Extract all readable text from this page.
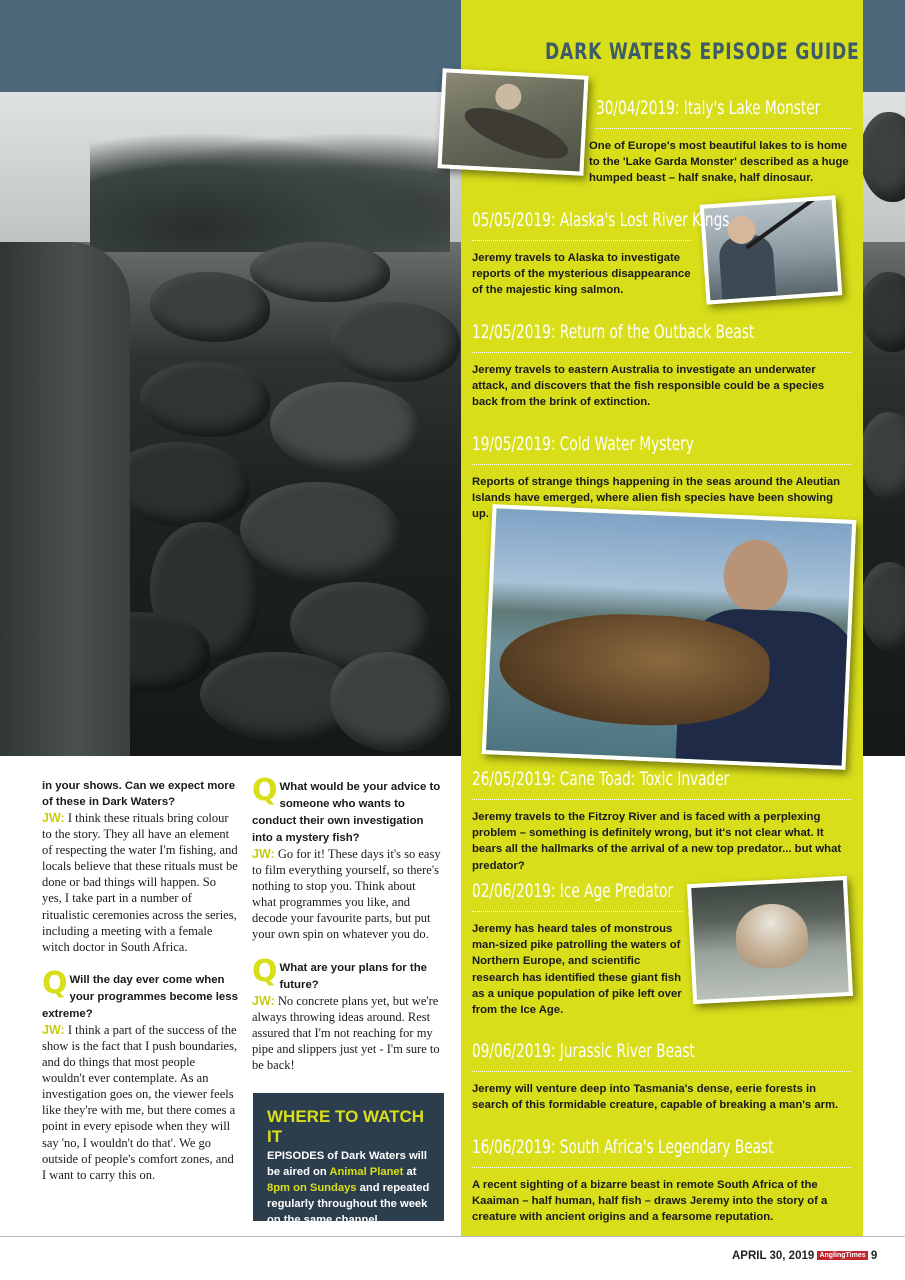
DARK WATERS EPISODE GUIDE
30/04/2019: Italy's Lake Monster
One of Europe's most beautiful lakes to is home to the 'Lake Garda Monster' described as a huge humped beast – half snake, half dinosaur.
05/05/2019: Alaska's Lost River Kings
Jeremy travels to Alaska to investigate reports of the mysterious disappearance of the majestic king salmon.
12/05/2019: Return of the Outback Beast
Jeremy travels to eastern Australia to investigate an underwater attack, and discovers that the fish responsible could be a species back from the brink of extinction.
19/05/2019: Cold Water Mystery
Reports of strange things happening in the seas around the Aleutian Islands have emerged, where alien fish species have been showing up.
26/05/2019: Cane Toad: Toxic Invader
Jeremy travels to the Fitzroy River and is faced with a perplexing problem – something is definitely wrong, but it's not clear what. It bears all the hallmarks of the arrival of a new top predator... but what predator?
02/06/2019: Ice Age Predator
Jeremy has heard tales of monstrous man-sized pike patrolling the waters of Northern Europe, and scientific research has identified these giant fish as a unique population of pike left over from the Ice Age.
09/06/2019: Jurassic River Beast
Jeremy will venture deep into Tasmania's dense, eerie forests in search of this formidable creature, capable of breaking a man's arm.
16/06/2019: South Africa's Legendary Beast
A recent sighting of a bizarre beast in remote South Africa of the Kaaiman – half human, half fish – draws Jeremy into the story of a creature with ancient origins and a fearsome reputation.
in your shows. Can we expect more of these in Dark Waters?

JW: I think these rituals bring colour to the story. They all have an element of respecting the water I'm fishing, and locals believe that these rituals must be done or bad things will happen. So yes, I take part in a number of ritualistic ceremonies across the series, including a meeting with a female witch doctor in South Africa.

Q Will the day ever come when your programmes become less extreme?

JW: I think a part of the success of the show is the fact that I push boundaries, and do things that most people wouldn't ever contemplate. As an investigation goes on, the viewer feels like they're with me, but there comes a point in every episode when they will say 'no, I wouldn't do that'. We go outside of people's comfort zones, and I want to carry this on.

Q What would be your advice to someone who wants to conduct their own investigation into a mystery fish?

JW: Go for it! These days it's so easy to film everything yourself, so there's nothing to stop you. Think about what programmes you like, and decode your favourite parts, but put your own spin on whatever you do.

Q What are your plans for the future?

JW: No concrete plans yet, but we're always throwing ideas around. Rest assured that I'm not reaching for my pipe and slippers just yet - I'm sure to be back!

WHERE TO WATCH IT
EPISODES of Dark Waters will be aired on Animal Planet at 8pm on Sundays and repeated regularly throughout the week on the same channel.
APRIL 30, 2019 AnglingTimes 9
